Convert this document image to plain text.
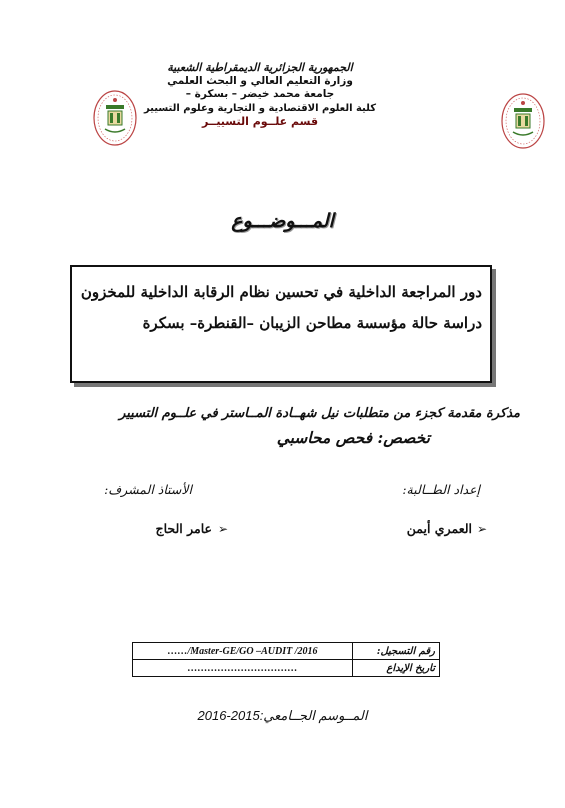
الجمهورية الجزائرية الديمقراطية الشعبية
وزارة التعليم العالي و البحث العلمي
جامعة محمد خيضر – بسكرة –
كلية العلوم الاقتصادية و التجارية وعلوم التسيير
قسم علــوم التسييــر
المـــوضـــوع
دور المراجعة الداخلية في تحسين نظام الرقابة الداخلية للمخزون
دراسة حالة مؤسسة مطاحن الزيبان –القنطرة– بسكرة
مذكرة مقدمة كجزء من متطلبات نيل شهــادة المــاستر في علــوم التسيير
تخصص: فحص محاسبي
إعداد الطــالبة:
الأستاذ المشرف:
➢
العمري أيمن
➢
عامر الحاج
……/Master-GE/GO –AUDIT /2016	رقم التسجيل:
……………………………	تاريخ الإيداع
المــوسم الجــامعي:2015-2016
